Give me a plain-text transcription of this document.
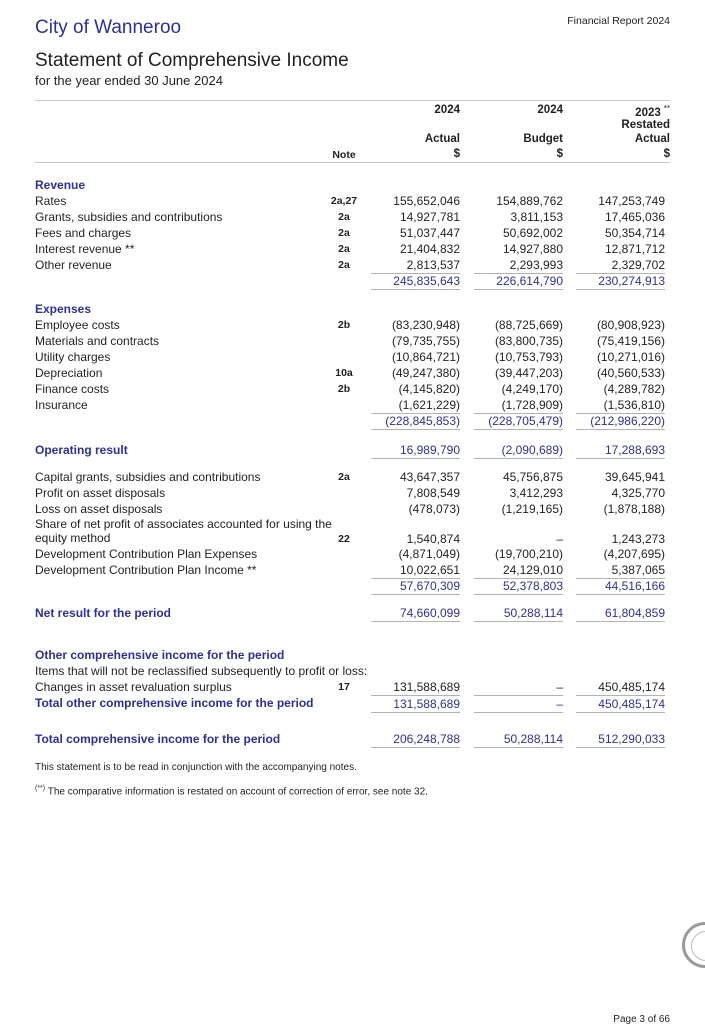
City of Wanneroo	Financial Report 2024
Statement of Comprehensive Income
for the year ended 30 June 2024
2024	2024	2023 **
Restated
Actual	Budget	Actual
Note	$	$	$
Revenue
Rates	2a,27	155,652,046	154,889,762	147,253,749
Grants, subsidies and contributions	2a	14,927,781	3,811,153	17,465,036
Fees and charges	2a	51,037,447	50,692,002	50,354,714
Interest revenue **	2a	21,404,832	14,927,880	12,871,712
Other revenue	2a	2,813,537	2,293,993	2,329,702
245,835,643	226,614,790	230,274,913
Expenses
Employee costs	2b	(83,230,948)	(88,725,669)	(80,908,923)
Materials and contracts	(79,735,755)	(83,800,735)	(75,419,156)
Utility charges	(10,864,721)	(10,753,793)	(10,271,016)
Depreciation	10a	(49,247,380)	(39,447,203)	(40,560,533)
Finance costs	2b	(4,145,820)	(4,249,170)	(4,289,782)
Insurance	(1,621,229)	(1,728,909)	(1,536,810)
(228,845,853)	(228,705,479)	(212,986,220)
Operating result	16,989,790	(2,090,689)	17,288,693
Capital grants, subsidies and contributions	2a	43,647,357	45,756,875	39,645,941
Profit on asset disposals	7,808,549	3,412,293	4,325,770
Loss on asset disposals	(478,073)	(1,219,165)	(1,878,188)
Share of net profit of associates accounted for using the equity method	22	1,540,874	–	1,243,273
Development Contribution Plan Expenses	(4,871,049)	(19,700,210)	(4,207,695)
Development Contribution Plan Income **	10,022,651	24,129,010	5,387,065
57,670,309	52,378,803	44,516,166
Net result for the period	74,660,099	50,288,114	61,804,859
Other comprehensive income for the period
Items that will not be reclassified subsequently to profit or loss:
Changes in asset revaluation surplus	17	131,588,689	–	450,485,174
Total other comprehensive income for the period	131,588,689	–	450,485,174
Total comprehensive income for the period	206,248,788	50,288,114	512,290,033
This statement is to be read in conjunction with the accompanying notes.
(**) The comparative information is restated on account of correction of error, see note 32.
Page 3 of 66
